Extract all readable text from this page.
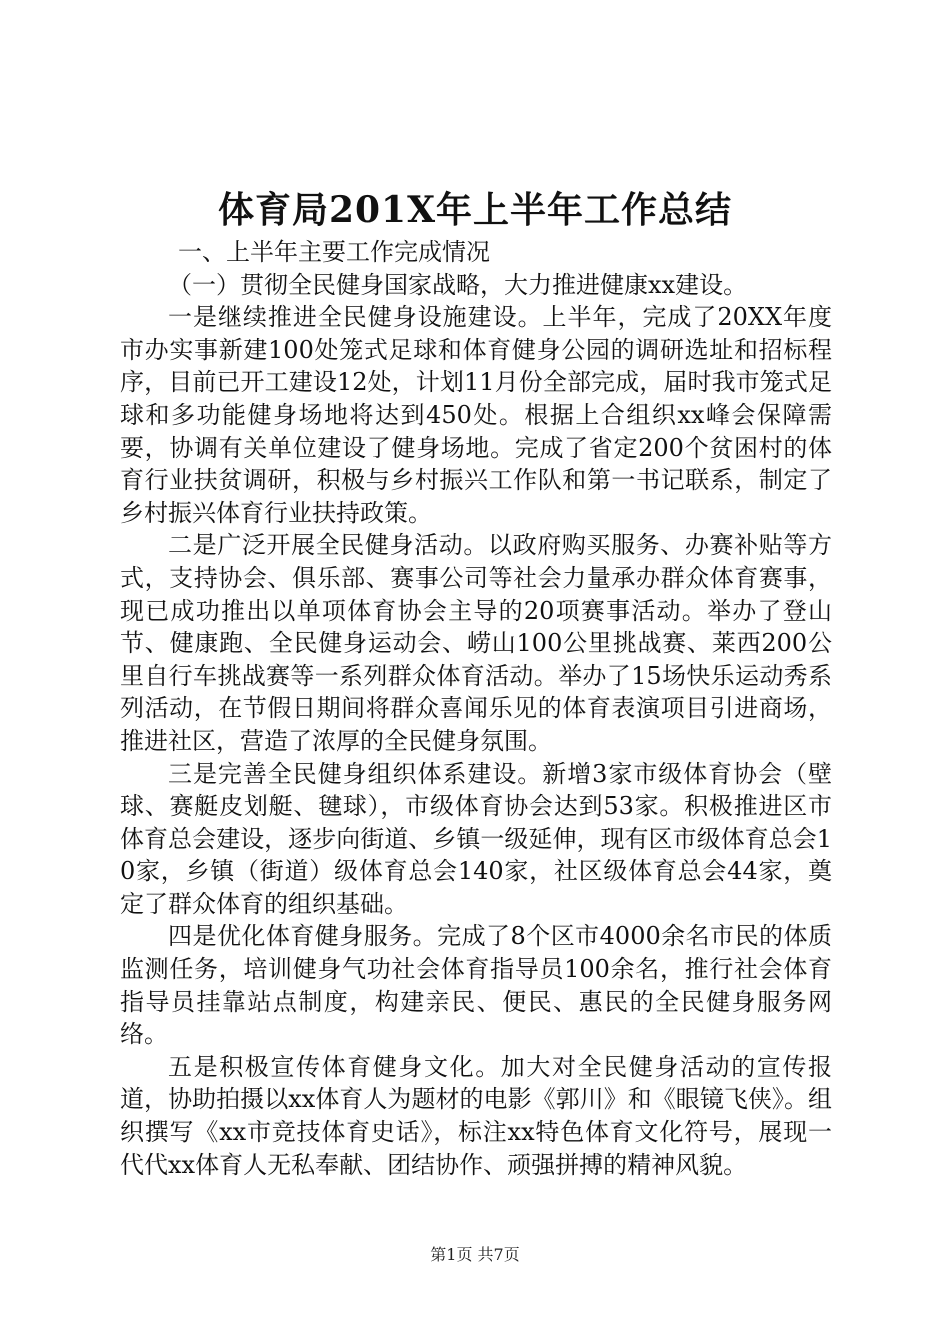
体育局201X年上半年工作总结

一、上半年主要工作完成情况

（一）贯彻全民健身国家战略，大力推进健康xx建设。

一是继续推进全民健身设施建设。上半年，完成了20XX年度市办实事新建100处笼式足球和体育健身公园的调研选址和招标程序，目前已开工建设12处，计划11月份全部完成，届时我市笼式足球和多功能健身场地将达到450处。根据上合组织xx峰会保障需要，协调有关单位建设了健身场地。完成了省定200个贫困村的体育行业扶贫调研，积极与乡村振兴工作队和第一书记联系，制定了乡村振兴体育行业扶持政策。

二是广泛开展全民健身活动。以政府购买服务、办赛补贴等方式，支持协会、俱乐部、赛事公司等社会力量承办群众体育赛事，现已成功推出以单项体育协会主导的20项赛事活动。举办了登山节、健康跑、全民健身运动会、崂山100公里挑战赛、莱西200公里自行车挑战赛等一系列群众体育活动。举办了15场快乐运动秀系列活动，在节假日期间将群众喜闻乐见的体育表演项目引进商场，推进社区，营造了浓厚的全民健身氛围。

三是完善全民健身组织体系建设。新增3家市级体育协会（壁球、赛艇皮划艇、毽球），市级体育协会达到53家。积极推进区市体育总会建设，逐步向街道、乡镇一级延伸，现有区市级体育总会10家，乡镇（街道）级体育总会140家，社区级体育总会44家，奠定了群众体育的组织基础。

四是优化体育健身服务。完成了8个区市4000余名市民的体质监测任务，培训健身气功社会体育指导员100余名，推行社会体育指导员挂靠站点制度，构建亲民、便民、惠民的全民健身服务网络。

五是积极宣传体育健身文化。加大对全民健身活动的宣传报道，协助拍摄以xx体育人为题材的电影《郭川》和《眼镜飞侠》。组织撰写《xx市竞技体育史话》，标注xx特色体育文化符号，展现一代代xx体育人无私奉献、团结协作、顽强拼搏的精神风貌。

第1页 共7页
